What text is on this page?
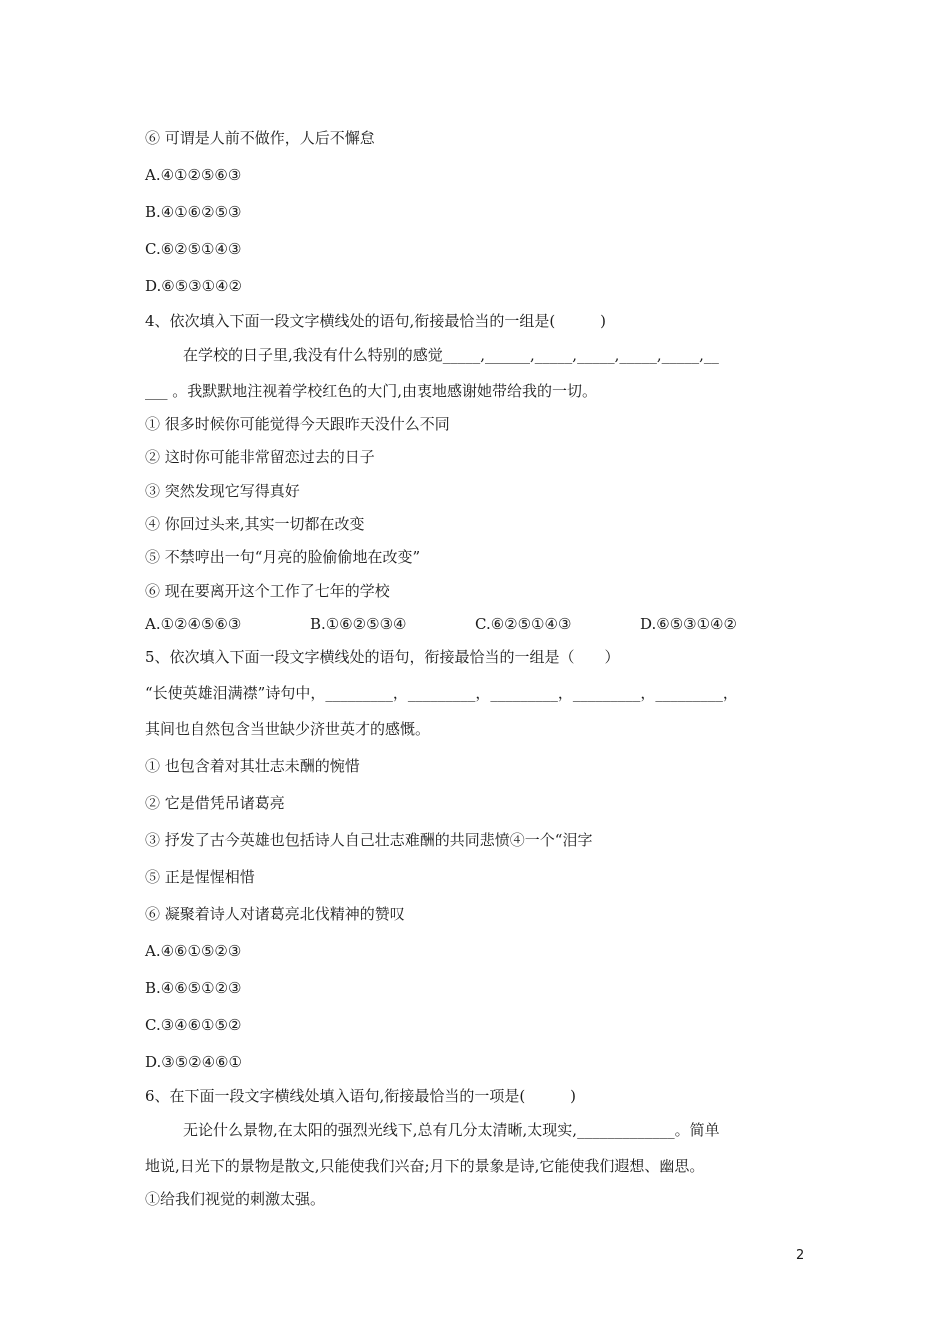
⑥ 可谓是人前不做作，人后不懈怠
A.④①②⑤⑥③
B.④①⑥②⑤③
C.⑥②⑤①④③
D.⑥⑤③①④②
4、依次填入下面一段文字横线处的语句,衔接最恰当的一组是(　　　)
在学校的日子里,我没有什么特别的感觉_____,______,_____,_____,_____,_____,__
___ 。我默默地注视着学校红色的大门,由衷地感谢她带给我的一切。
① 很多时候你可能觉得今天跟昨天没什么不同
② 这时你可能非常留恋过去的日子
③ 突然发现它写得真好
④ 你回过头来,其实一切都在改变
⑤ 不禁哼出一句“月亮的脸偷偷地在改变”
⑥ 现在要离开这个工作了七年的学校
A.①②④⑤⑥③	B.①⑥②⑤③④	C.⑥②⑤①④③	D.⑥⑤③①④②
5、依次填入下面一段文字横线处的语句，衔接最恰当的一组是（　　）
“长使英雄泪满襟”诗句中，_________，_________，_________，_________，_________，
其间也自然包含当世缺少济世英才的感慨。
① 也包含着对其壮志未酬的惋惜
② 它是借凭吊诸葛亮
③ 抒发了古今英雄也包括诗人自己壮志难酬的共同悲愤④一个“泪字
⑤ 正是惺惺相惜
⑥ 凝聚着诗人对诸葛亮北伐精神的赞叹
A.④⑥①⑤②③
B.④⑥⑤①②③
C.③④⑥①⑤②
D.③⑤②④⑥①
6、在下面一段文字横线处填入语句,衔接最恰当的一项是(　　　)
无论什么景物,在太阳的强烈光线下,总有几分太清晰,太现实,_____________。简单
地说,日光下的景物是散文,只能使我们兴奋;月下的景象是诗,它能使我们遐想、幽思。
①给我们视觉的刺激太强。
2
